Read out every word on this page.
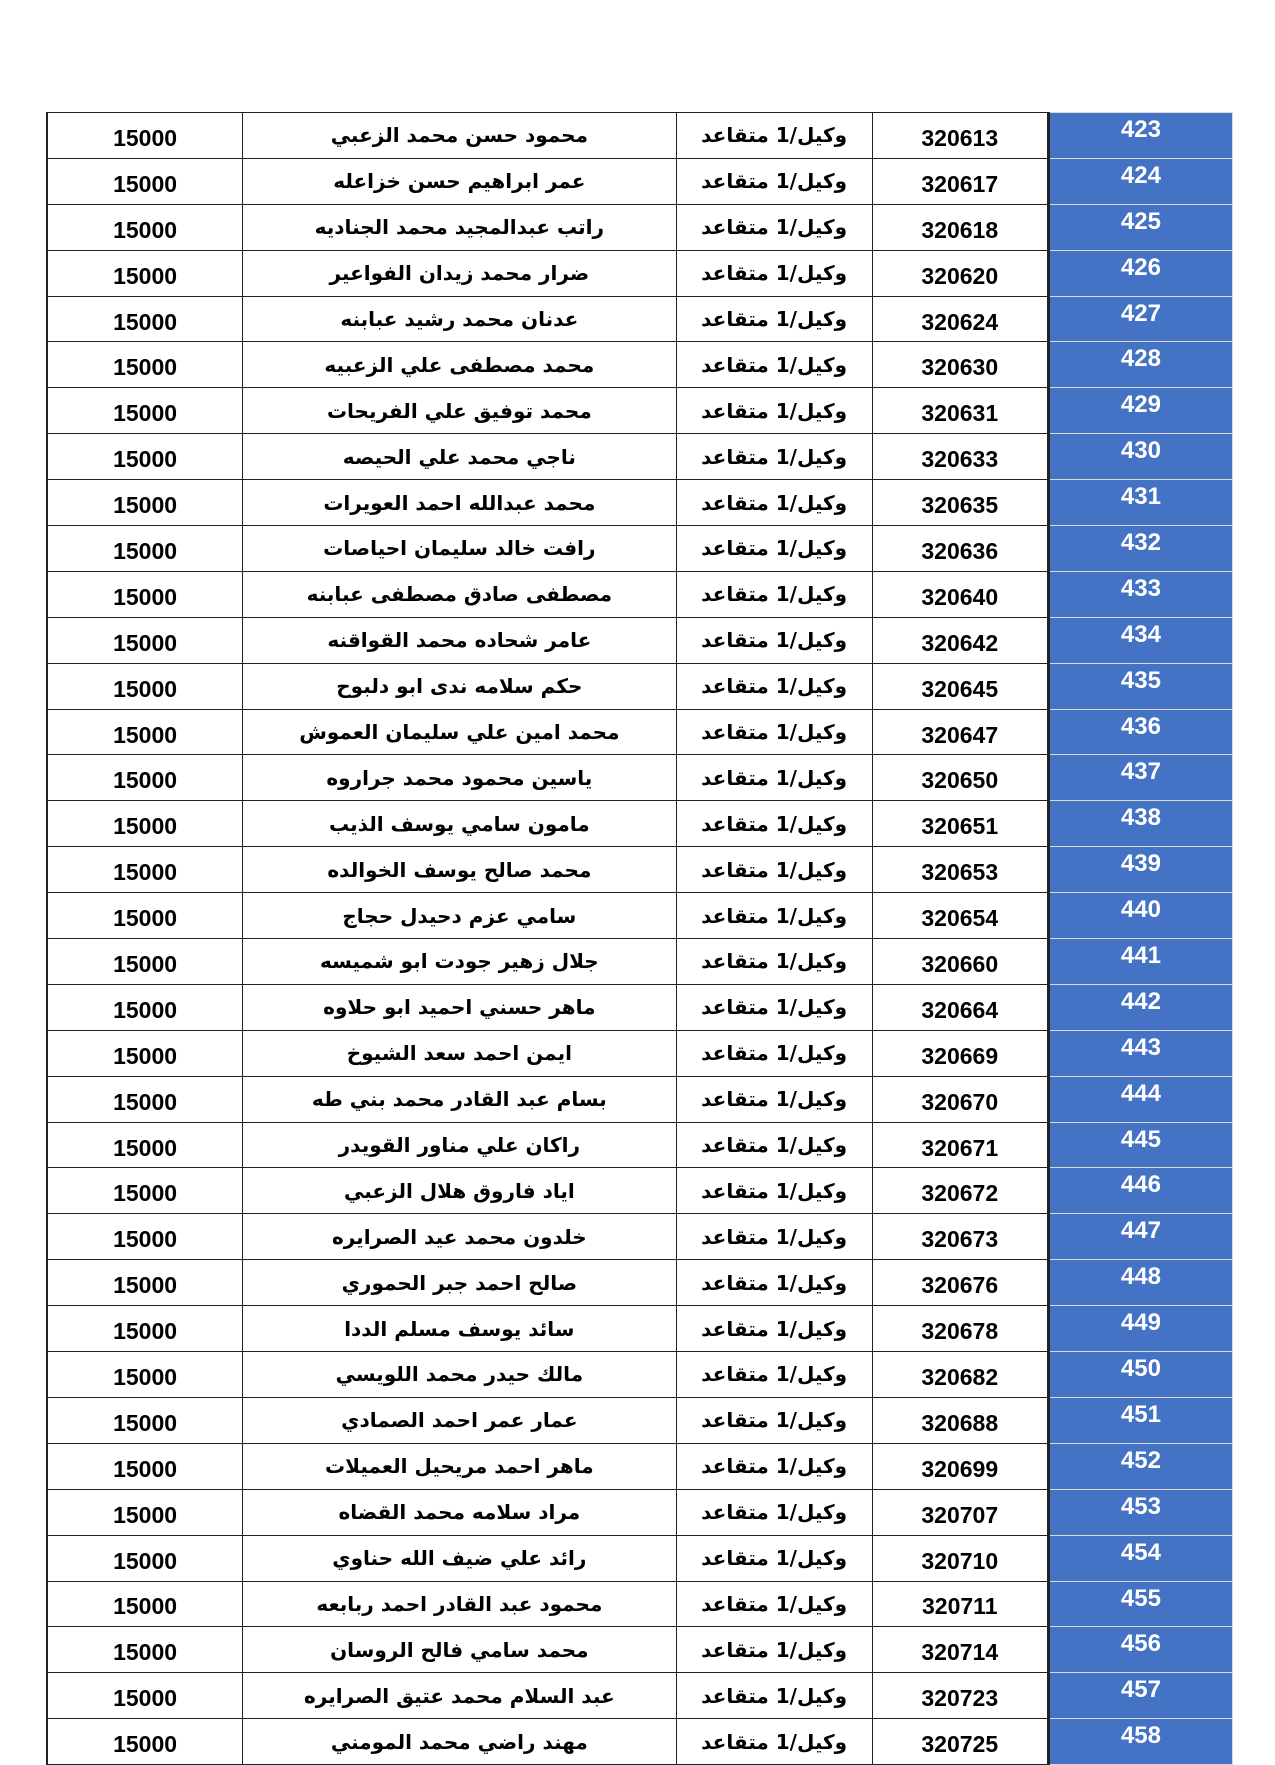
15000	محمود حسن محمد الزعبي	وكيل/1 متقاعد	320613	423
15000	عمر ابراهيم حسن خزاعله	وكيل/1 متقاعد	320617	424
15000	راتب عبدالمجيد محمد الجناديه	وكيل/1 متقاعد	320618	425
15000	ضرار محمد زيدان الفواعير	وكيل/1 متقاعد	320620	426
15000	عدنان محمد رشيد عبابنه	وكيل/1 متقاعد	320624	427
15000	محمد مصطفى علي الزعبيه	وكيل/1 متقاعد	320630	428
15000	محمد توفيق علي الفريحات	وكيل/1 متقاعد	320631	429
15000	ناجي محمد علي الحيصه	وكيل/1 متقاعد	320633	430
15000	محمد عبدالله احمد العويرات	وكيل/1 متقاعد	320635	431
15000	رافت خالد سليمان احياصات	وكيل/1 متقاعد	320636	432
15000	مصطفى صادق مصطفى عبابنه	وكيل/1 متقاعد	320640	433
15000	عامر شحاده محمد القواقنه	وكيل/1 متقاعد	320642	434
15000	حكم سلامه ندى ابو دلبوح	وكيل/1 متقاعد	320645	435
15000	محمد امين علي سليمان العموش	وكيل/1 متقاعد	320647	436
15000	ياسين محمود محمد جراروه	وكيل/1 متقاعد	320650	437
15000	مامون سامي يوسف الذيب	وكيل/1 متقاعد	320651	438
15000	محمد صالح يوسف الخوالده	وكيل/1 متقاعد	320653	439
15000	سامي عزم دحيدل حجاج	وكيل/1 متقاعد	320654	440
15000	جلال زهير جودت ابو شميسه	وكيل/1 متقاعد	320660	441
15000	ماهر حسني احميد ابو حلاوه	وكيل/1 متقاعد	320664	442
15000	ايمن احمد سعد الشيوخ	وكيل/1 متقاعد	320669	443
15000	بسام عبد القادر محمد بني طه	وكيل/1 متقاعد	320670	444
15000	راكان علي مناور القويدر	وكيل/1 متقاعد	320671	445
15000	اياد فاروق هلال الزعبي	وكيل/1 متقاعد	320672	446
15000	خلدون محمد عيد الصرايره	وكيل/1 متقاعد	320673	447
15000	صالح احمد جبر الحموري	وكيل/1 متقاعد	320676	448
15000	سائد يوسف مسلم الددا	وكيل/1 متقاعد	320678	449
15000	مالك حيدر محمد اللويسي	وكيل/1 متقاعد	320682	450
15000	عمار عمر احمد الصمادي	وكيل/1 متقاعد	320688	451
15000	ماهر احمد مريحيل العميلات	وكيل/1 متقاعد	320699	452
15000	مراد سلامه محمد القضاه	وكيل/1 متقاعد	320707	453
15000	رائد علي ضيف الله حناوي	وكيل/1 متقاعد	320710	454
15000	محمود عبد القادر احمد ربابعه	وكيل/1 متقاعد	320711	455
15000	محمد سامي فالح الروسان	وكيل/1 متقاعد	320714	456
15000	عبد السلام محمد عتيق الصرايره	وكيل/1 متقاعد	320723	457
15000	مهند راضي محمد المومني	وكيل/1 متقاعد	320725	458
